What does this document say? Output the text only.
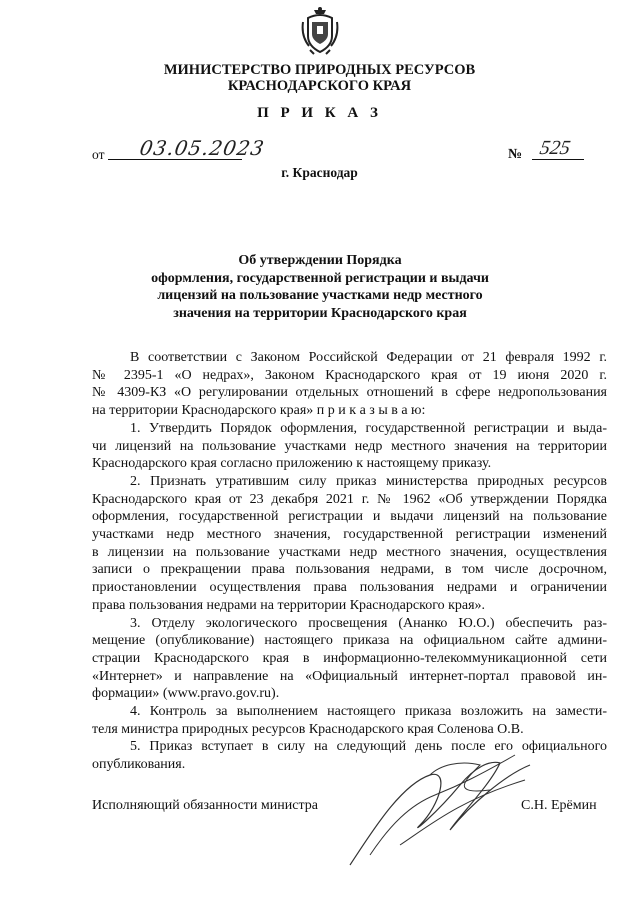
МИНИСТЕРСТВО ПРИРОДНЫХ РЕСУРСОВ
КРАСНОДАРСКОГО КРАЯ
П Р И К А З
от 03.05.2023	№ 525
г. Краснодар
Об утверждении Порядка
оформления, государственной регистрации и выдачи
лицензий на пользование участками недр местного
значения на территории Краснодарского края
В соответствии с Законом Российской Федерации от 21 февраля 1992 г.
№ 2395-1 «О недрах», Законом Краснодарского края от 19 июня 2020 г.
№ 4309-КЗ «О регулировании отдельных отношений в сфере недропользования
на территории Краснодарского края» п р и к а з ы в а ю:
1. Утвердить Порядок оформления, государственной регистрации и выда-
чи лицензий на пользование участками недр местного значения на территории
Краснодарского края согласно приложению к настоящему приказу.
2. Признать утратившим силу приказ министерства природных ресурсов
Краснодарского края от 23 декабря 2021 г. № 1962 «Об утверждении Порядка
оформления, государственной регистрации и выдачи лицензий на пользование
участками недр местного значения, государственной регистрации изменений
в лицензии на пользование участками недр местного значения, осуществления
записи о прекращении права пользования недрами, в том числе досрочном,
приостановлении осуществления права пользования недрами и ограничении
права пользования недрами на территории Краснодарского края».
3. Отделу экологического просвещения (Ананко Ю.О.) обеспечить раз-
мещение (опубликование) настоящего приказа на официальном сайте админи-
страции Краснодарского края в информационно-телекоммуникационной сети
«Интернет» и направление на «Официальный интернет-портал правовой ин-
формации» (www.pravo.gov.ru).
4. Контроль за выполнением настоящего приказа возложить на замести-
теля министра природных ресурсов Краснодарского края Соленова О.В.
5. Приказ вступает в силу на следующий день после его официального
опубликования.
Исполняющий обязанности министра	С.Н. Ерёмин
